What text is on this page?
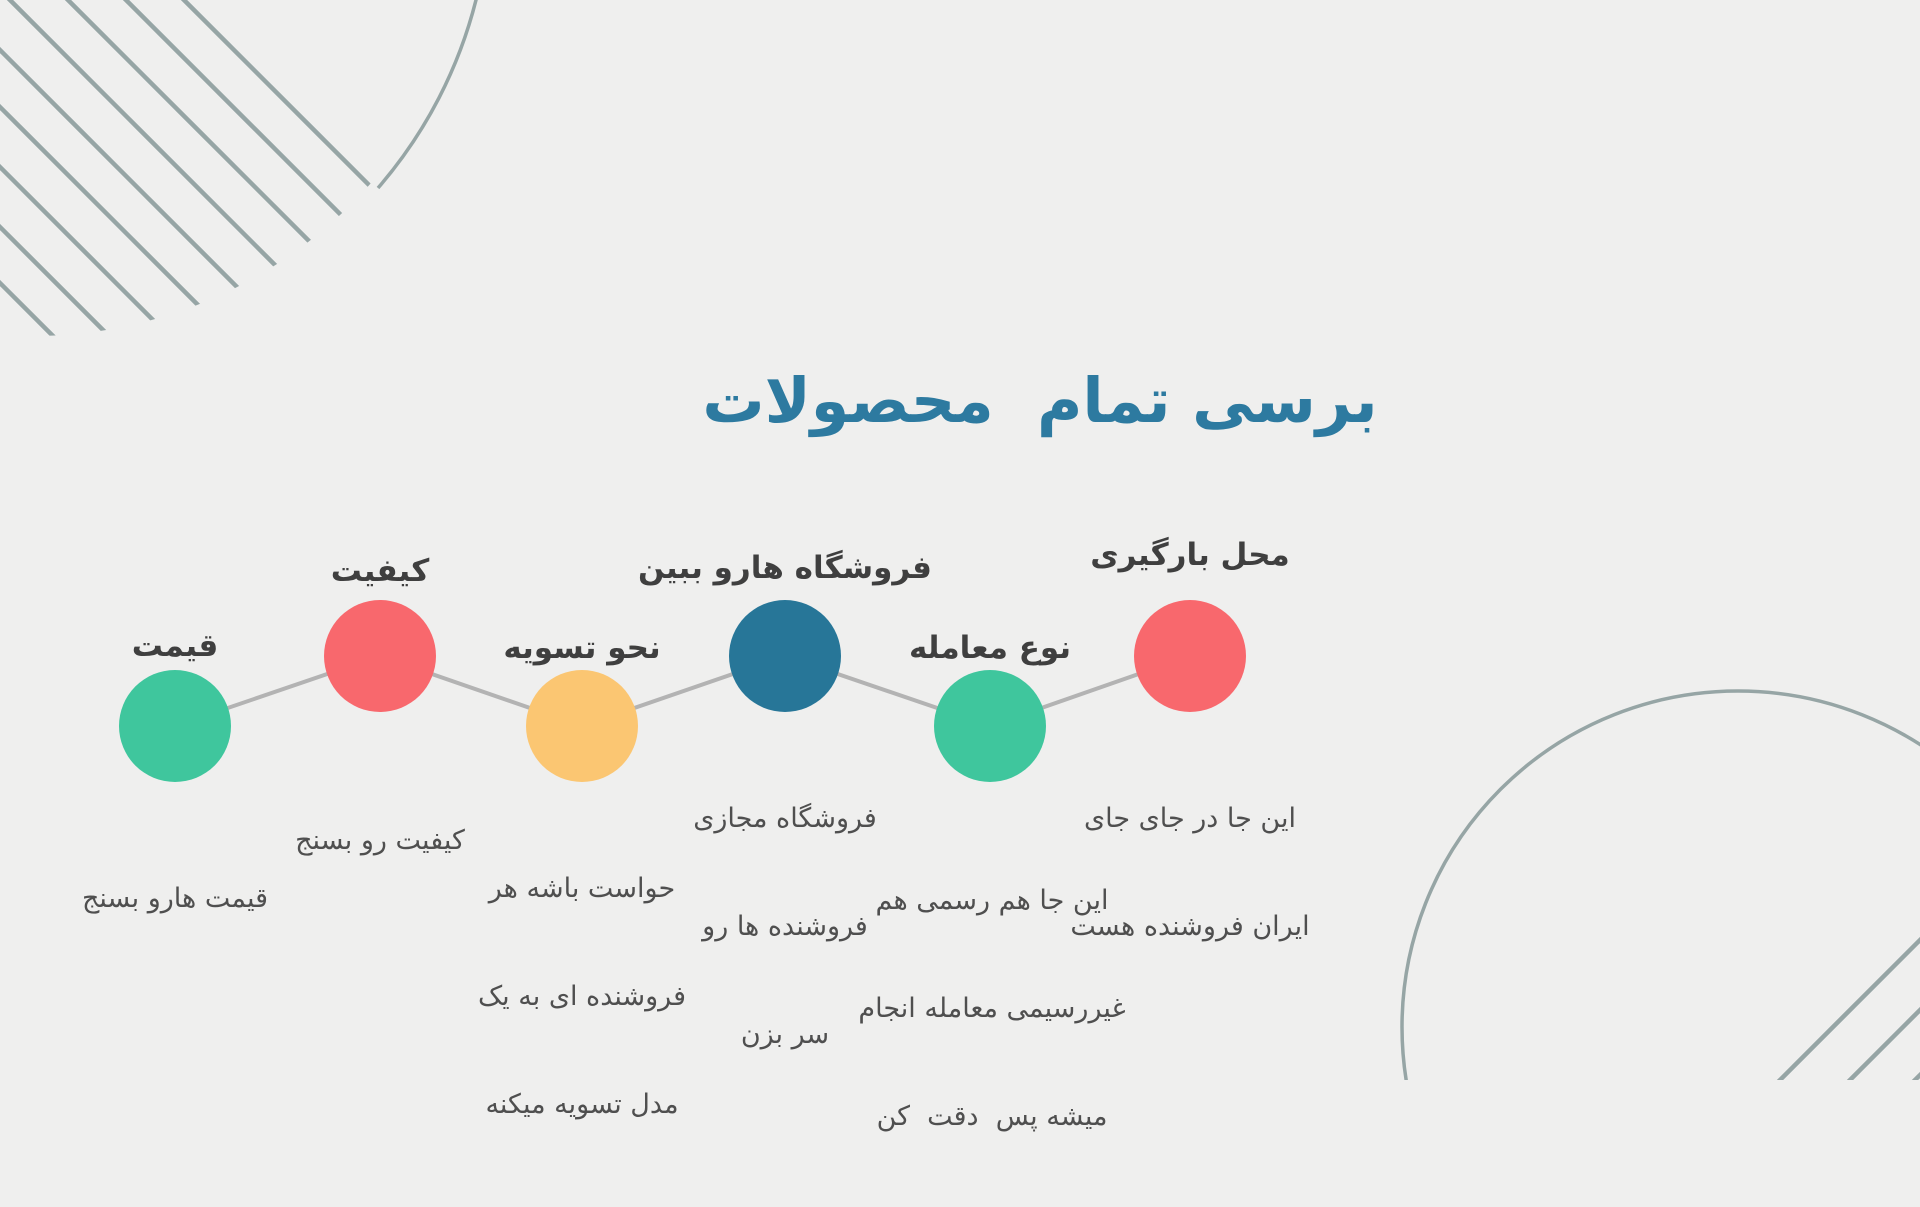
برسی تمام  محصولات
قیمت

قیمت هارو بسنج

کیفیت

کیفیت رو بسنج

نحو تسویه

حواست باشه هر

فروشنده ای به یک

مدل تسویه میکنه

فروشگاه هارو ببین

فروشگاه مجازی

فروشنده ها رو

سر بزن

نوع معامله

این جا هم رسمی هم

غیررسیمی معامله انجام

میشه پس  دقت  کن

محل بارگیری

این جا در جای جای

ایران فروشنده هست
